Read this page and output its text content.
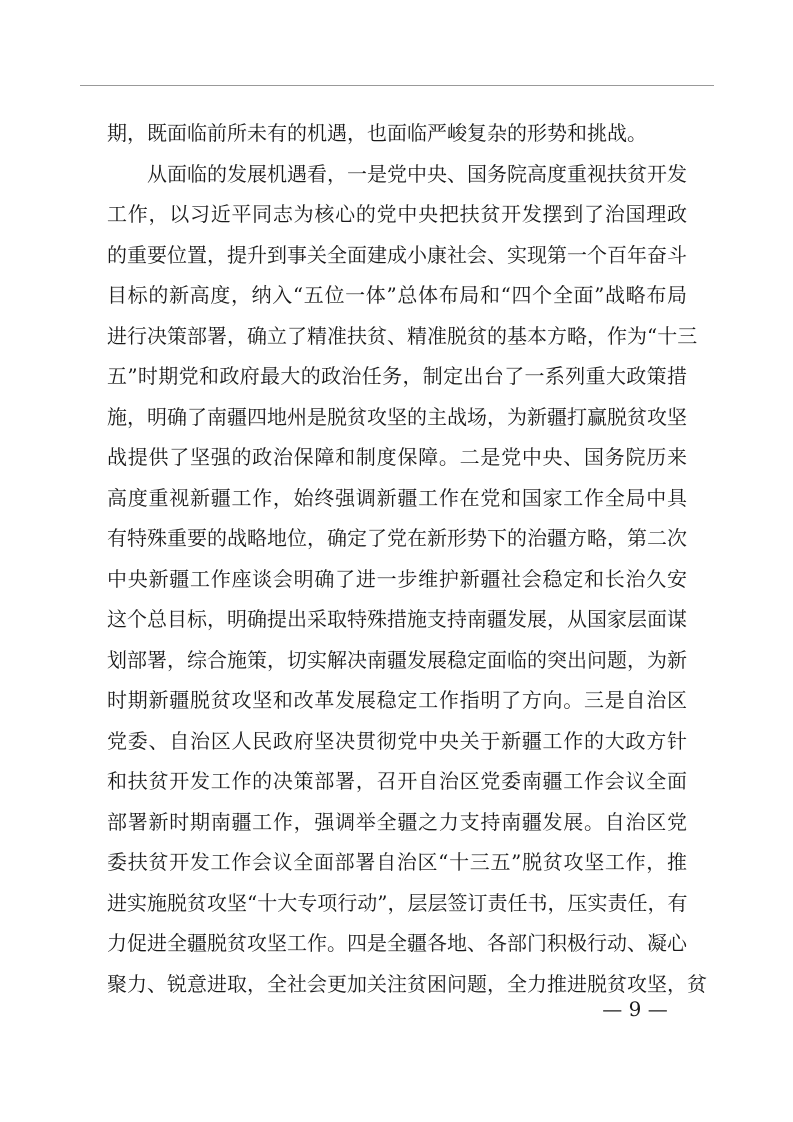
期，既面临前所未有的机遇，也面临严峻复杂的形势和挑战。
从面临的发展机遇看，一是党中央、国务院高度重视扶贫开发
工作，以习近平同志为核心的党中央把扶贫开发摆到了治国理政
的重要位置，提升到事关全面建成小康社会、实现第一个百年奋斗
目标的新高度，纳入“五位一体”总体布局和“四个全面”战略布局
进行决策部署，确立了精准扶贫、精准脱贫的基本方略，作为“十三
五”时期党和政府最大的政治任务，制定出台了一系列重大政策措
施，明确了南疆四地州是脱贫攻坚的主战场，为新疆打赢脱贫攻坚
战提供了坚强的政治保障和制度保障。二是党中央、国务院历来
高度重视新疆工作，始终强调新疆工作在党和国家工作全局中具
有特殊重要的战略地位，确定了党在新形势下的治疆方略，第二次
中央新疆工作座谈会明确了进一步维护新疆社会稳定和长治久安
这个总目标，明确提出采取特殊措施支持南疆发展，从国家层面谋
划部署，综合施策，切实解决南疆发展稳定面临的突出问题，为新
时期新疆脱贫攻坚和改革发展稳定工作指明了方向。三是自治区
党委、自治区人民政府坚决贯彻党中央关于新疆工作的大政方针
和扶贫开发工作的决策部署，召开自治区党委南疆工作会议全面
部署新时期南疆工作，强调举全疆之力支持南疆发展。自治区党
委扶贫开发工作会议全面部署自治区“十三五”脱贫攻坚工作，推
进实施脱贫攻坚“十大专项行动”，层层签订责任书，压实责任，有
力促进全疆脱贫攻坚工作。四是全疆各地、各部门积极行动、凝心
聚力、锐意进取，全社会更加关注贫困问题，全力推进脱贫攻坚，贫
— 9 —
